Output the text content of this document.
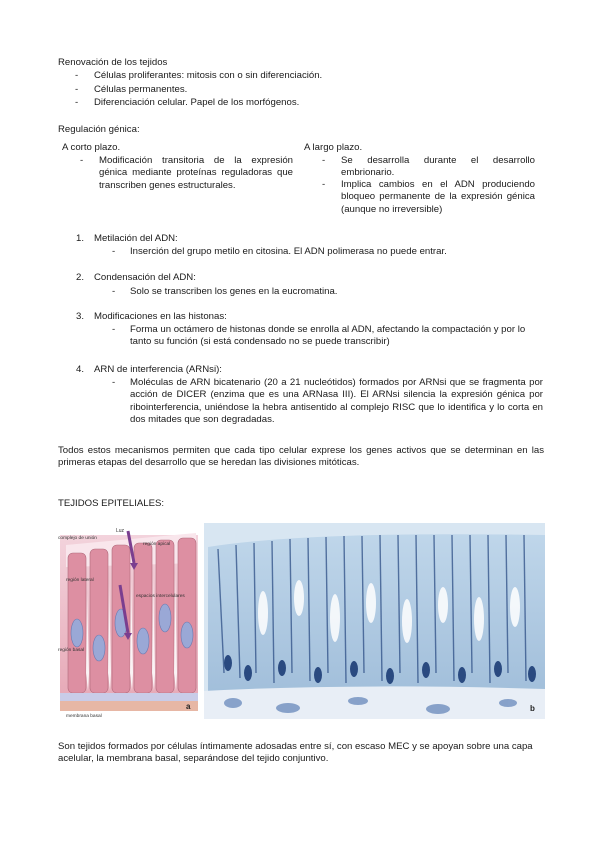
Renovación de los tejidos
- Células proliferantes: mitosis con o sin diferenciación.
- Células permanentes.
- Diferenciación celular. Papel de los morfógenos.
Regulación génica:
A corto plazo.
- Modificación transitoria de la expresión génica mediante proteínas reguladoras que transcriben genes estructurales.
A largo plazo.
- Se desarrolla durante el desarrollo embrionario.
- Implica cambios en el ADN produciendo bloqueo permanente de la expresión génica (aunque no irreversible)
1. Metilación del ADN:
- Inserción del grupo metilo en citosina. El ADN polimerasa no puede entrar.
2. Condensación del ADN:
- Solo se transcriben los genes en la eucromatina.
3. Modificaciones en las histonas:
- Forma un octámero de histonas donde se enrolla al ADN, afectando la compactación y por lo tanto su función (si está condensado no se puede transcribir)
4. ARN de interferencia (ARNsi):
- Moléculas de ARN bicatenario (20 a 21 nucleótidos) formados por ARNsi que se fragmenta por acción de DICER (enzima que es una ARNasa III). El ARNsi silencia la expresión génica por ribointerferencia, uniéndose la hebra antisentido al complejo RISC que lo identifica y lo corta en dos mitades que son degradadas.
Todos estos mecanismos permiten que cada tipo celular exprese los genes activos que se determinan en las primeras etapas del desarrollo que se heredan las divisiones mitóticas.
TEJIDOS EPITELIALES:
complejo de unión
Luz
región apical
región lateral
espacios intercelulares
región basal
membrana basal
a	b
Son tejidos formados por células íntimamente adosadas entre sí, con escaso MEC y se apoyan sobre una capa acelular, la membrana basal, separándose del tejido conjuntivo.
